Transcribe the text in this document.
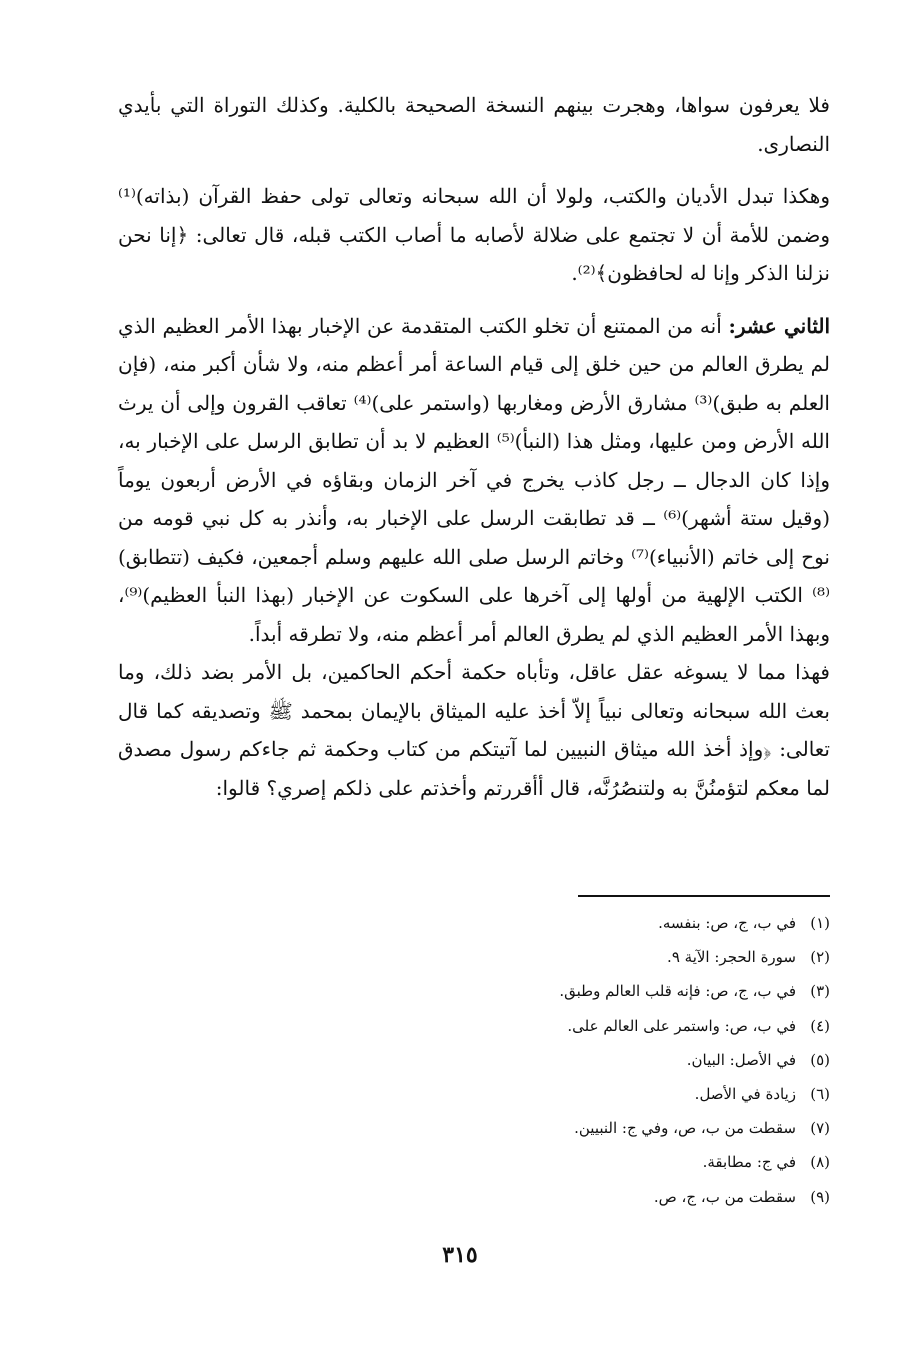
فلا يعرفون سواها، وهجرت بينهم النسخة الصحيحة بالكلية. وكذلك التوراة التي بأيدي النصارى.

وهكذا تبدل الأديان والكتب، ولولا أن الله سبحانه وتعالى تولى حفظ القرآن (بذاته)⁽¹⁾ وضمن للأمة أن لا تجتمع على ضلالة لأصابه ما أصاب الكتب قبله، قال تعالى: ﴿إنا نحن نزلنا الذكر وإنا له لحافظون﴾⁽²⁾.

الثاني عشر: أنه من الممتنع أن تخلو الكتب المتقدمة عن الإخبار بهذا الأمر العظيم الذي لم يطرق العالم من حين خلق إلى قيام الساعة أمر أعظم منه، ولا شأن أكبر منه، (فإن العلم به طبق)⁽³⁾ مشارق الأرض ومغاربها (واستمر على)⁽⁴⁾ تعاقب القرون وإلى أن يرث الله الأرض ومن عليها، ومثل هذا (النبأ)⁽⁵⁾ العظيم لا بد أن تطابق الرسل على الإخبار به، وإذا كان الدجال ــ رجل كاذب يخرج في آخر الزمان وبقاؤه في الأرض أربعون يوماً (وقيل ستة أشهر)⁽⁶⁾ ــ قد تطابقت الرسل على الإخبار به، وأنذر به كل نبي قومه من نوح إلى خاتم (الأنبياء)⁽⁷⁾ وخاتم الرسل صلى الله عليهم وسلم أجمعين، فكيف (تتطابق)⁽⁸⁾ الكتب الإلهية من أولها إلى آخرها على السكوت عن الإخبار (بهذا النبأ العظيم)⁽⁹⁾، وبهذا الأمر العظيم الذي لم يطرق العالم أمر أعظم منه، ولا تطرقه أبداً.

فهذا مما لا يسوغه عقل عاقل، وتأباه حكمة أحكم الحاكمين، بل الأمر بضد ذلك، وما بعث الله سبحانه وتعالى نبياً إلاّ أخذ عليه الميثاق بالإيمان بمحمد ﷺ وتصديقه كما قال تعالى: ﴿وإذ أخذ الله ميثاق النبيين لما آتيتكم من كتاب وحكمة ثم جاءكم رسول مصدق لما معكم لتؤمنُنَّ به ولتنصُرُنَّه، قال أأقررتم وأخذتم على ذلكم إصري؟ قالوا:

(١)في ب، ج، ص: بنفسه.
(٢)سورة الحجر: الآية ٩.
(٣)في ب، ج، ص: فإنه قلب العالم وطبق.
(٤)في ب، ص: واستمر على العالم على.
(٥)في الأصل: البيان.
(٦)زيادة في الأصل.
(٧)سقطت من ب، ص، وفي ج: النبيين.
(٨)في ج: مطابقة.
(٩)سقطت من ب، ج، ص.
٣١٥
